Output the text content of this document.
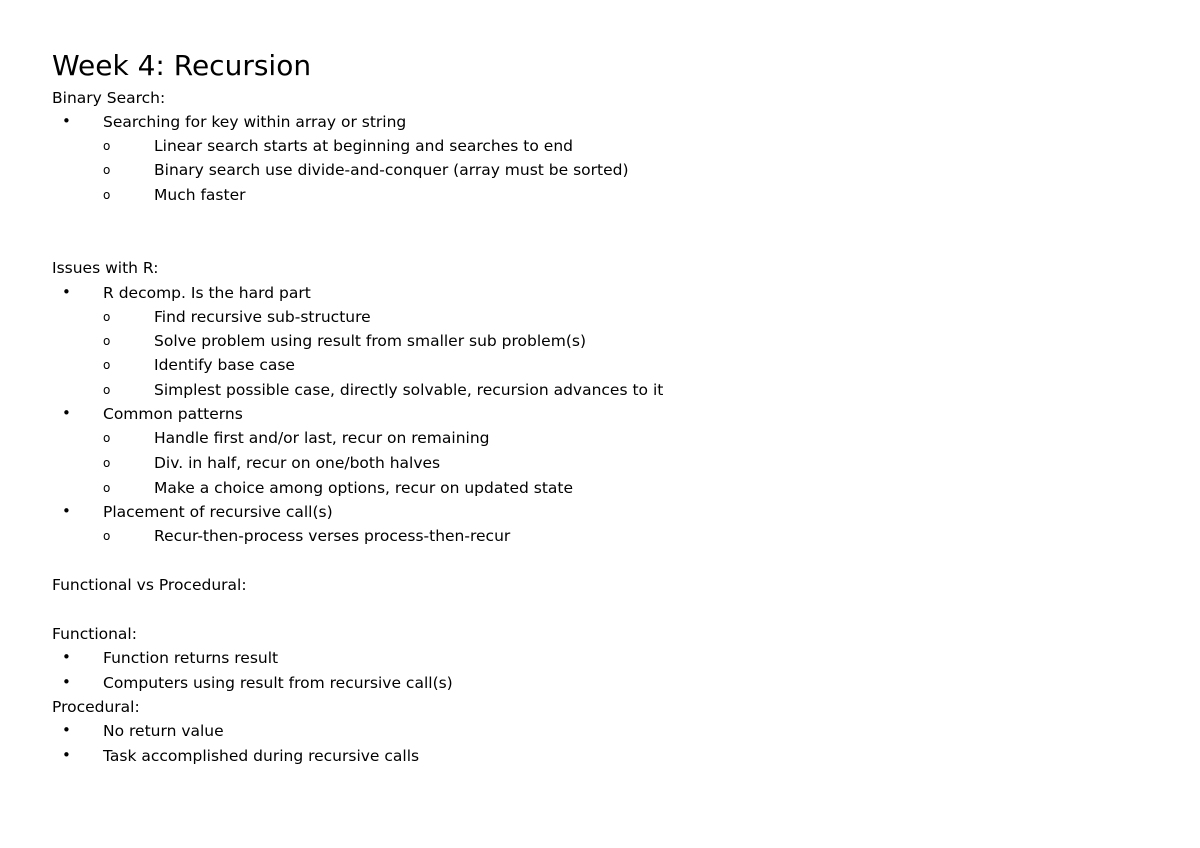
Week 4: Recursion
Binary Search:
• Searching for key within array or string
o	Linear search starts at beginning and searches to end
o	Binary search use divide-and-conquer (array must be sorted)
o	Much faster
Issues with R:
• R decomp. Is the hard part
o	Find recursive sub-structure
o	Solve problem using result from smaller sub problem(s)
o	Identify base case
o	Simplest possible case, directly solvable, recursion advances to it
• Common patterns
o	Handle first and/or last, recur on remaining
o	Div. in half, recur on one/both halves
o	Make a choice among options, recur on updated state
• Placement of recursive call(s)
o	Recur-then-process verses process-then-recur
Functional vs Procedural:
Functional:
• Function returns result
• Computers using result from recursive call(s)
Procedural:
• No return value
• Task accomplished during recursive calls
